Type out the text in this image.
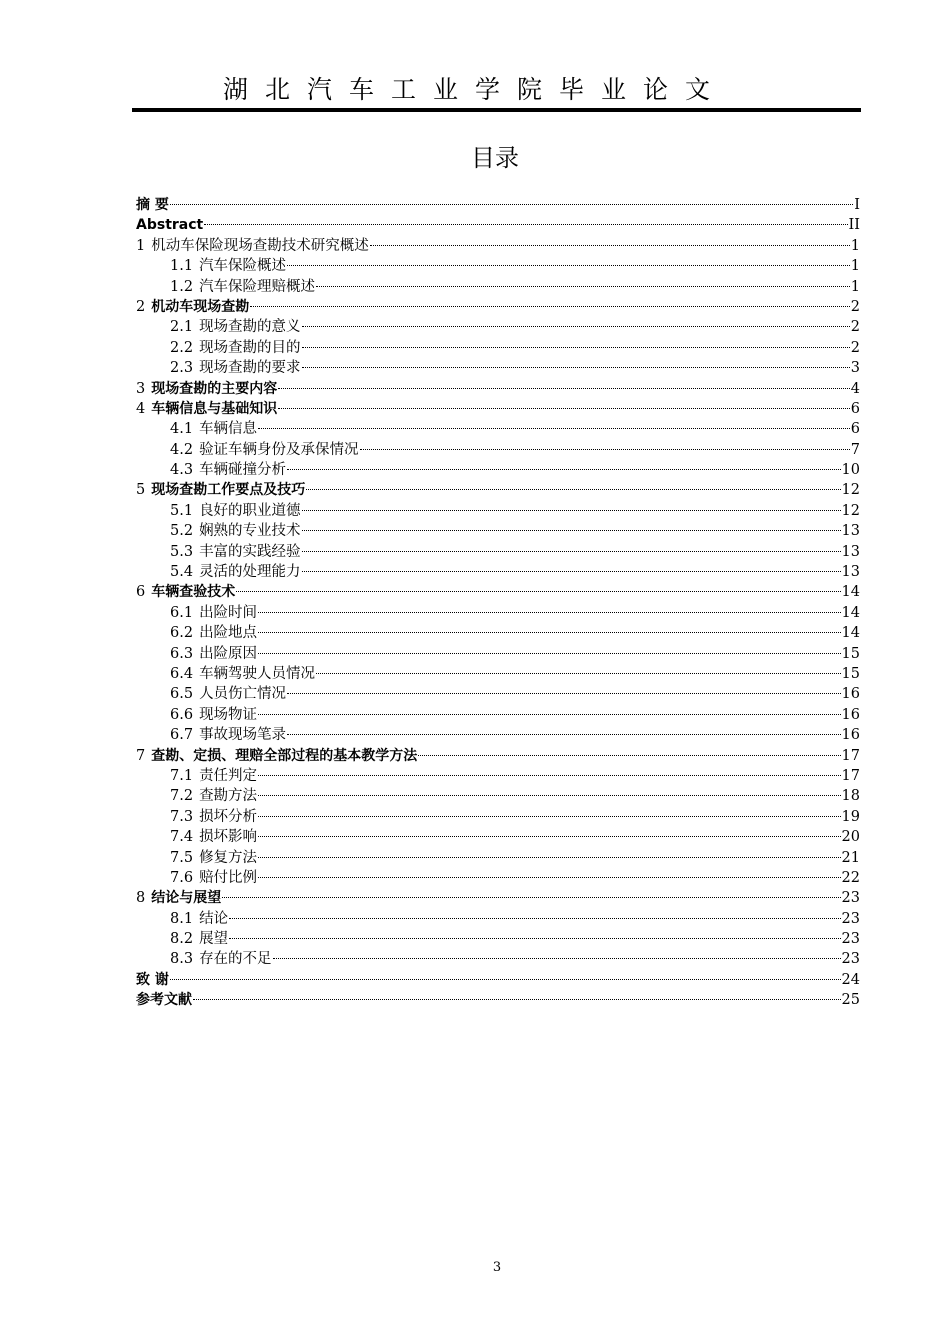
湖北汽车工业学院毕业论文
目录
摘 要	I
Abstract	II
1 机动车保险现场查勘技术研究概述	1
1.1 汽车保险概述	1
1.2 汽车保险理赔概述	1
2 机动车现场查勘	2
2.1 现场查勘的意义	2
2.2 现场查勘的目的	2
2.3 现场查勘的要求	3
3 现场查勘的主要内容	4
4 车辆信息与基础知识	6
4.1 车辆信息	6
4.2 验证车辆身份及承保情况	7
4.3 车辆碰撞分析	10
5 现场查勘工作要点及技巧	12
5.1 良好的职业道德	12
5.2 娴熟的专业技术	13
5.3 丰富的实践经验	13
5.4 灵活的处理能力	13
6 车辆查验技术	14
6.1 出险时间	14
6.2 出险地点	14
6.3 出险原因	15
6.4 车辆驾驶人员情况	15
6.5 人员伤亡情况	16
6.6 现场物证	16
6.7 事故现场笔录	16
7 查勘、定损、理赔全部过程的基本教学方法	17
7.1 责任判定	17
7.2 查勘方法	18
7.3 损坏分析	19
7.4 损坏影响	20
7.5 修复方法	21
7.6 赔付比例	22
8 结论与展望	23
8.1 结论	23
8.2 展望	23
8.3 存在的不足	23
致 谢	24
参考文献	25
3
